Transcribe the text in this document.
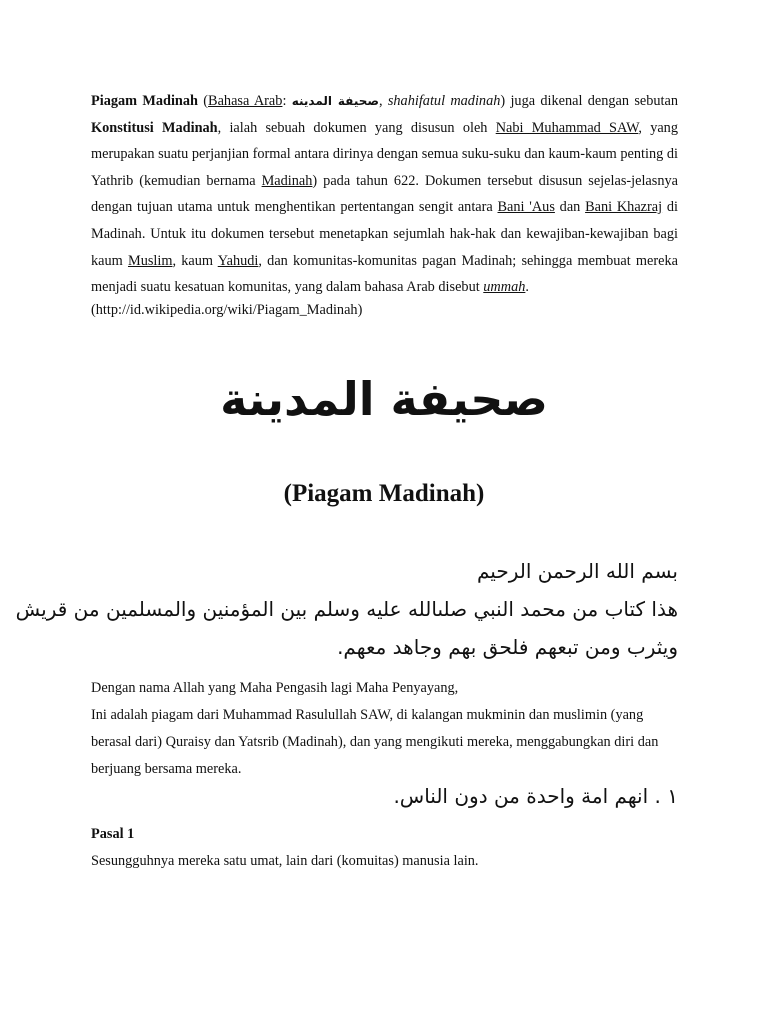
Piagam Madinah (Bahasa Arab: صحيفة المدينه, shahifatul madinah) juga dikenal dengan sebutan Konstitusi Madinah, ialah sebuah dokumen yang disusun oleh Nabi Muhammad SAW, yang merupakan suatu perjanjian formal antara dirinya dengan semua suku-suku dan kaum-kaum penting di Yathrib (kemudian bernama Madinah) pada tahun 622. Dokumen tersebut disusun sejelas-jelasnya dengan tujuan utama untuk menghentikan pertentangan sengit antara Bani 'Aus dan Bani Khazraj di Madinah. Untuk itu dokumen tersebut menetapkan sejumlah hak-hak dan kewajiban-kewajiban bagi kaum Muslim, kaum Yahudi, dan komunitas-komunitas pagan Madinah; sehingga membuat mereka menjadi suatu kesatuan komunitas, yang dalam bahasa Arab disebut ummah.

(http://id.wikipedia.org/wiki/Piagam_Madinah)
صحيفة المدينة
(Piagam Madinah)
بسم الله الرحمن الرحيم
هذا كتاب من محمد النبي صلىالله عليه وسلم بين المؤمنين والمسلمين من قريش
ويثرب ومن تبعهم فلحق بهم وجاهد معهم.
Dengan nama Allah yang Maha Pengasih lagi Maha Penyayang,
Ini adalah piagam dari Muhammad Rasulullah SAW, di kalangan mukminin dan muslimin (yang berasal dari) Quraisy dan Yatsrib (Madinah), dan yang mengikuti mereka, menggabungkan diri dan berjuang bersama mereka.
١ . انهم امة واحدة من دون الناس.
Pasal 1
Sesungguhnya mereka satu umat, lain dari (komuitas) manusia lain.
